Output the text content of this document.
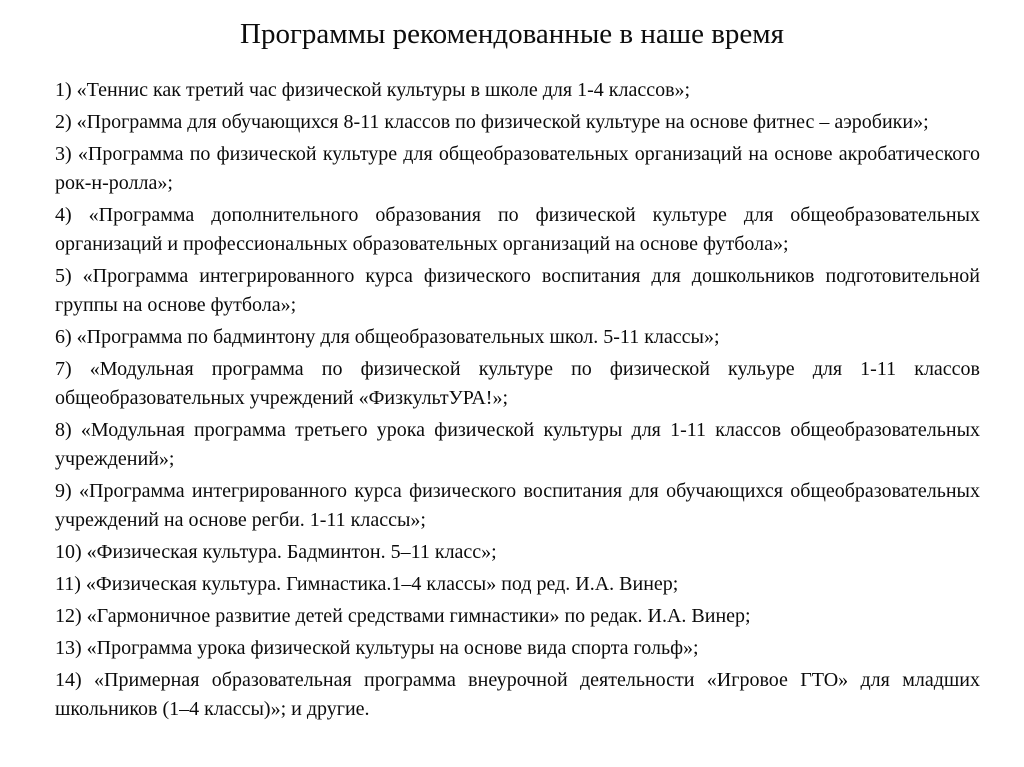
Программы рекомендованные в наше время

1) «Теннис как третий час физической культуры в школе для 1-4 классов»;

2) «Программа для обучающихся 8-11 классов по физической культуре на основе фитнес – аэробики»;

3) «Программа по физической культуре для общеобразовательных организаций на основе акробатического рок-н-ролла»;

4) «Программа дополнительного образования по физической культуре для общеобразовательных организаций и профессиональных образовательных организаций на основе футбола»;

5) «Программа интегрированного курса физического воспитания для дошкольников подготовительной группы на основе футбола»;

6) «Программа по бадминтону для общеобразовательных школ. 5-11 классы»;

7) «Модульная программа по физической культуре по физической кульуре для 1-11 классов общеобразовательных учреждений «ФизкультУРА!»;

8) «Модульная программа третьего урока физической культуры для 1-11 классов общеобразовательных учреждений»;

9) «Программа интегрированного курса физического воспитания для обучающихся общеобразовательных учреждений на основе регби. 1-11 классы»;

10) «Физическая культура. Бадминтон. 5–11 класс»;

11) «Физическая культура. Гимнастика.1–4 классы» под ред. И.А. Винер;

12) «Гармоничное развитие детей средствами гимнастики» по редак. И.А. Винер;

13) «Программа урока физической культуры на основе вида спорта гольф»;

14) «Примерная образовательная программа внеурочной деятельности «Игровое ГТО» для младших школьников (1–4 классы)»; и другие.
